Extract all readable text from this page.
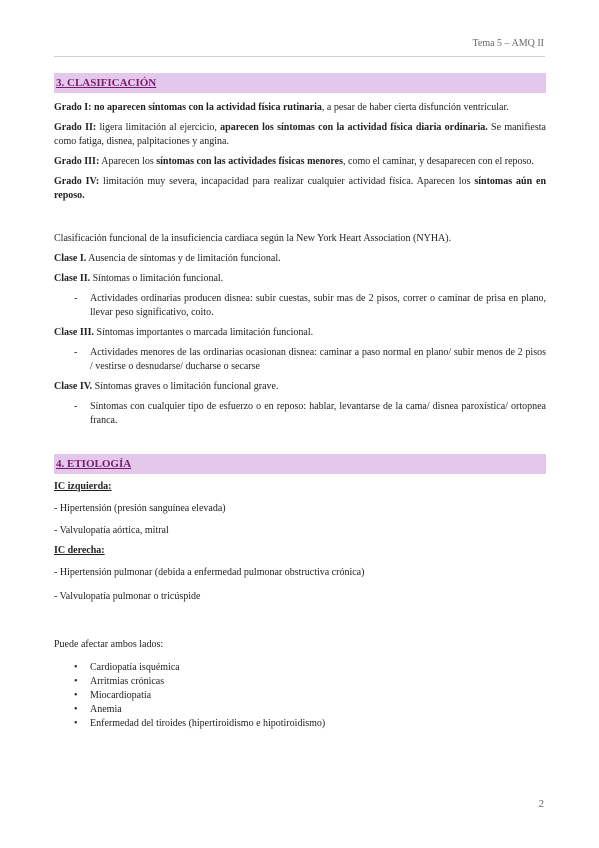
Tema 5 – AMQ II
3. CLASIFICACIÓN

Grado I: no aparecen síntomas con la actividad física rutinaria, a pesar de haber cierta disfunción ventricular.

Grado II: ligera limitación al ejercicio, aparecen los síntomas con la actividad física diaria ordinaria. Se manifiesta como fatiga, disnea, palpitaciones y angina.

Grado III: Aparecen los síntomas con las actividades físicas menores, como el caminar, y desaparecen con el reposo.

Grado IV: limitación muy severa, incapacidad para realizar cualquier actividad física. Aparecen los síntomas aún en reposo.

Clasificación funcional de la insuficiencia cardiaca según la New York Heart Association (NYHA).

Clase I. Ausencia de síntomas y de limitación funcional.

Clase II. Síntomas o limitación funcional.

-	Actividades ordinarias producen disnea: subir cuestas, subir mas de 2 pisos, correr o caminar de prisa en plano, llevar peso significativo, coito.

Clase III. Síntomas importantes o marcada limitación funcional.

-	Actividades menores de las ordinarias ocasionan disnea: caminar a paso normal en plano/ subir menos de 2 pisos / vestirse o desnudarse/ ducharse o secarse

Clase IV. Síntomas graves o limitación funcional grave.

-	Síntomas con cualquier tipo de esfuerzo o en reposo: hablar, levantarse de la cama/ disnea paroxística/ ortopnea franca.
4. ETIOLOGÍA

IC izquierda:

- Hipertensión (presión sanguínea elevada)

- Valvulopatía aórtica, mitral

IC derecha:

- Hipertensión pulmonar (debida a enfermedad pulmonar obstructiva crónica)

- Valvulopatía pulmonar o tricúspide

Puede afectar ambos lados:

•	Cardiopatía isquémica
•	Arritmias crónicas
•	Miocardiopatía
•	Anemia
•	Enfermedad del tiroides (hipertiroidismo e hipotiroidismo)
2
